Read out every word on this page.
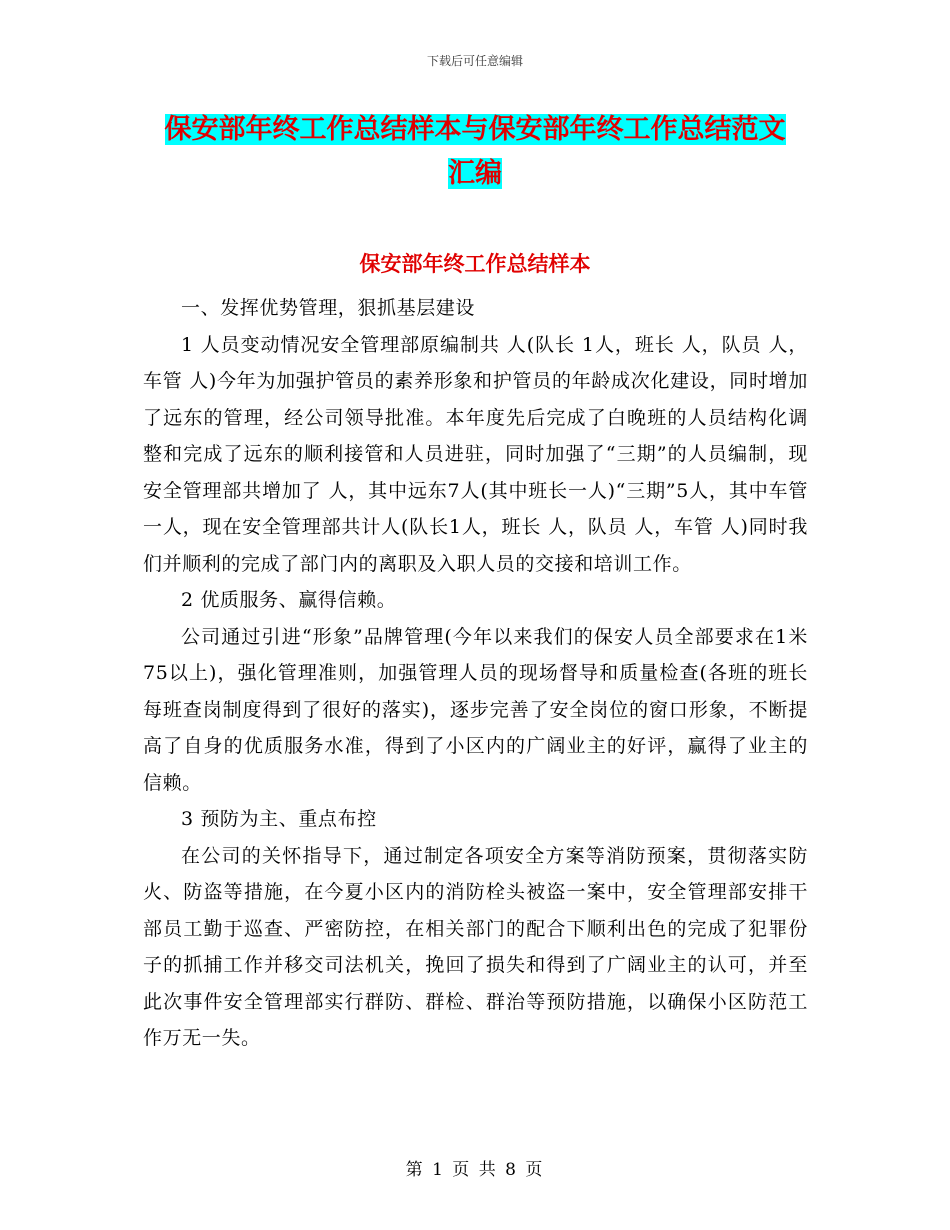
下载后可任意编辑
保安部年终工作总结样本与保安部年终工作总结范文
汇编
保安部年终工作总结样本

一、发挥优势管理，狠抓基层建设

1 人员变动情况安全管理部原编制共 人(队长 1人，班长 人，队员 人，车管 人)今年为加强护管员的素养形象和护管员的年龄成次化建设，同时增加了远东的管理，经公司领导批准。本年度先后完成了白晚班的人员结构化调整和完成了远东的顺利接管和人员进驻，同时加强了“三期”的人员编制，现安全管理部共增加了 人，其中远东7人(其中班长一人)“三期”5人，其中车管一人，现在安全管理部共计人(队长1人，班长 人，队员 人，车管 人)同时我们并顺利的完成了部门内的离职及入职人员的交接和培训工作。

2 优质服务、赢得信赖。

公司通过引进“形象”品牌管理(今年以来我们的保安人员全部要求在1米75以上)，强化管理准则，加强管理人员的现场督导和质量检查(各班的班长每班查岗制度得到了很好的落实)，逐步完善了安全岗位的窗口形象，不断提高了自身的优质服务水准，得到了小区内的广阔业主的好评，赢得了业主的信赖。

3 预防为主、重点布控

在公司的关怀指导下，通过制定各项安全方案等消防预案，贯彻落实防火、防盗等措施，在今夏小区内的消防栓头被盗一案中，安全管理部安排干部员工勤于巡查、严密防控，在相关部门的配合下顺利出色的完成了犯罪份子的抓捕工作并移交司法机关，挽回了损失和得到了广阔业主的认可，并至此次事件安全管理部实行群防、群检、群治等预防措施，以确保小区防范工作万无一失。

第 1 页 共 8 页
